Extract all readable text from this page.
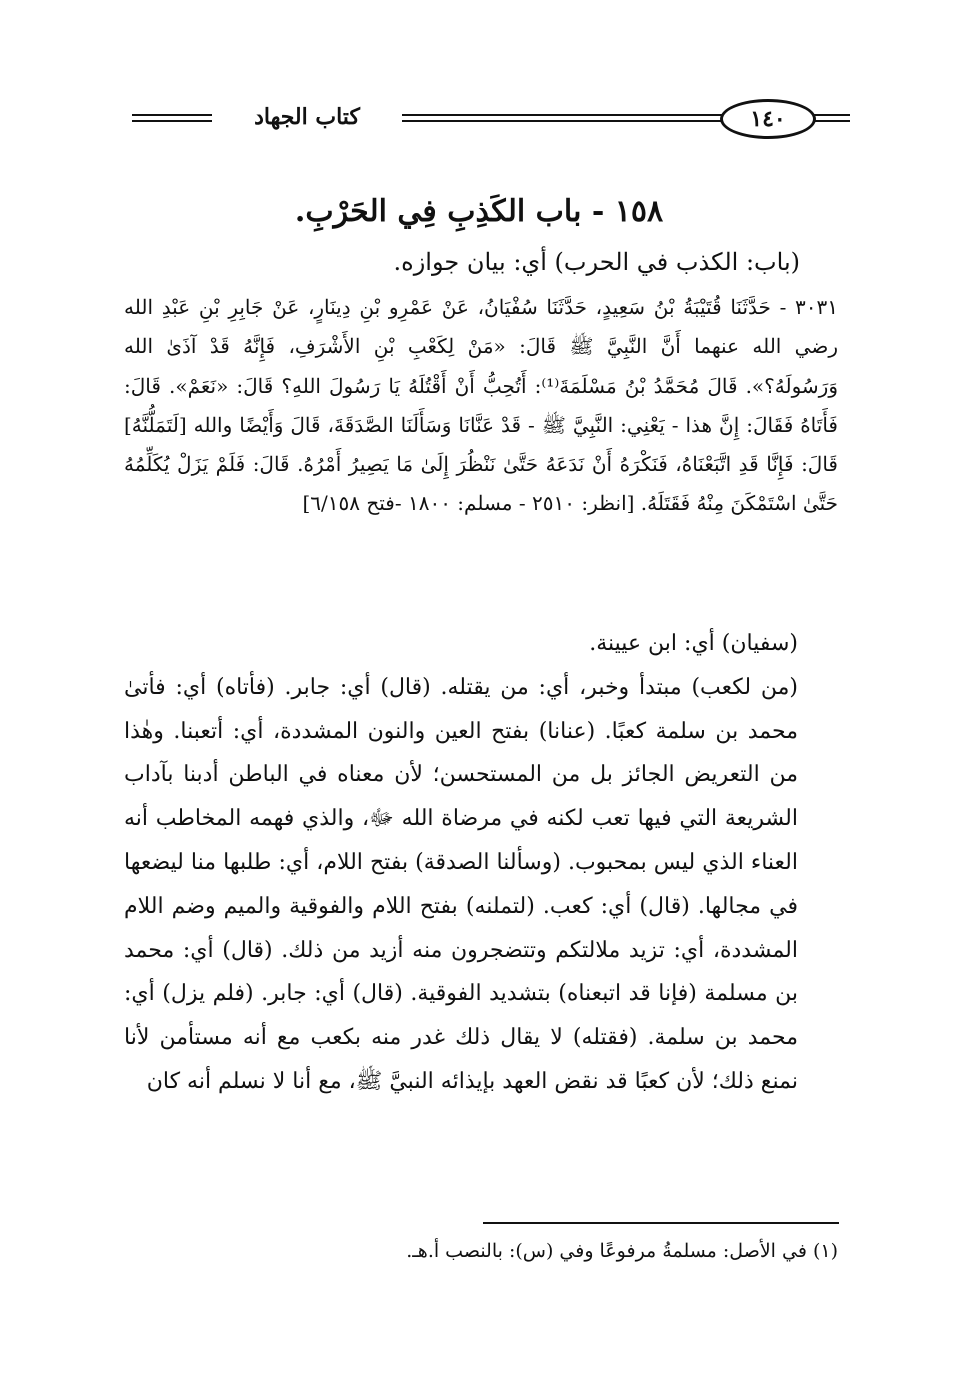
كتاب الجهاد	١٤٠
١٥٨ - باب الكَذِبِ فِي الحَرْبِ.
(باب: الكذب في الحرب) أي: بيان جوازه.

٣٠٣١ - حَدَّثَنَا قُتَيْبَةُ بْنُ سَعِيدٍ، حَدَّثَنَا سُفْيَانُ، عَنْ عَمْرِو بْنِ دِينَارٍ، عَنْ جَابِرِ بْنِ عَبْدِ الله رضي الله عنهما أَنَّ النَّبِيَّ ﷺ قَالَ: «مَنْ لِكَعْبِ بْنِ الأَشْرَفِ، فَإِنَّهُ قَدْ آذَىٰ الله وَرَسُولَهُ؟». قَالَ مُحَمَّدُ بْنُ مَسْلَمَةَ⁽¹⁾: أَتُحِبُّ أَنْ أَقْتُلَهُ يَا رَسُولَ اللهِ؟ قَالَ: «نَعَمْ». قَالَ: فَأَتَاهُ فَقَالَ: إِنَّ هذا - يَعْنِي: النَّبِيَّ ﷺ - قَدْ عَنَّانَا وَسَأَلَنَا الصَّدَقَةَ، قَالَ وَأَيْضًا والله [لَتَمَلُّنَّهُ] قَالَ: فَإِنَّا قَدِ اتَّبَعْنَاهُ، فَنَكْرَهُ أَنْ نَدَعَهُ حَتَّىٰ نَنْظُرَ إِلَىٰ مَا يَصِيرُ أَمْرُهُ. قَالَ: فَلَمْ يَزَلْ يُكَلِّمُهُ حَتَّىٰ اسْتَمْكَنَ مِنْهُ فَقَتَلَهُ. [انظر: ٢٥١٠ - مسلم: ١٨٠٠ -فتح ٦/١٥٨]

(سفيان) أي: ابن عيينة.

(من لكعب) مبتدأ وخبر، أي: من يقتله. (قال) أي: جابر. (فأتاه) أي: فأتىٰ محمد بن سلمة كعبًا. (عنانا) بفتح العين والنون المشددة، أي: أتعبنا. وهٰذا من التعريض الجائز بل من المستحسن؛ لأن معناه في الباطن أدبنا بآداب الشريعة التي فيها تعب لكنه في مرضاة الله ﷻ، والذي فهمه المخاطب أنه العناء الذي ليس بمحبوب. (وسألنا الصدقة) بفتح اللام، أي: طلبها منا ليضعها في مجالها. (قال) أي: كعب. (لتملنه) بفتح اللام والفوقية والميم وضم اللام المشددة، أي: تزيد ملالتكم وتتضجرون منه أزيد من ذلك. (قال) أي: محمد بن مسلمة (فإنا قد اتبعناه) بتشديد الفوقية. (قال) أي: جابر. (فلم يزل) أي: محمد بن سلمة. (فقتله) لا يقال ذلك غدر منه بكعب مع أنه مستأمن لأنا نمنع ذلك؛ لأن كعبًا قد نقض العهد بإيذائه النبيَّ ﷺ، مع أنا لا نسلم أنه كان

(١) في الأصل: مسلمةُ مرفوعًا وفي (س): بالنصب أ.هـ.
